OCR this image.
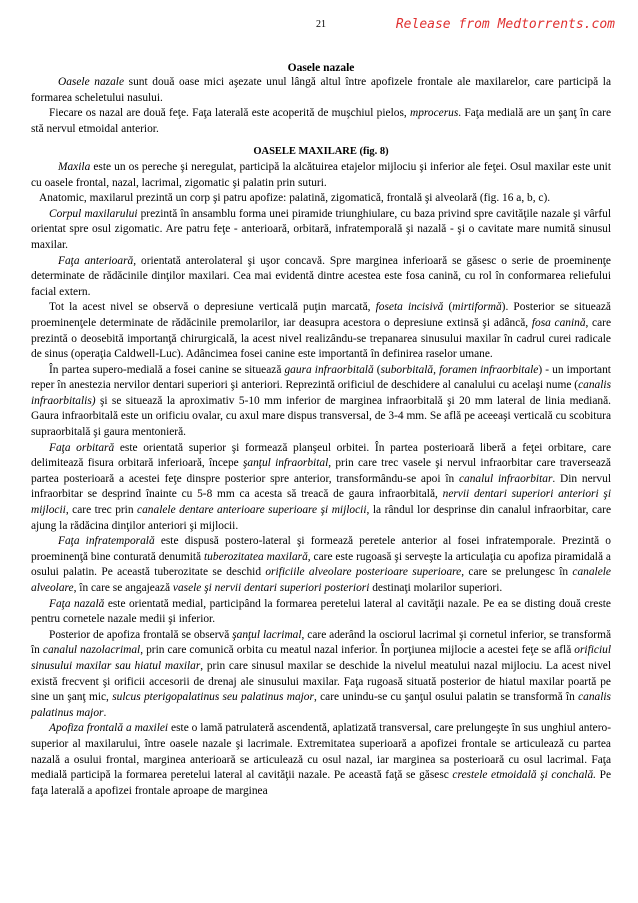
21	Release from Medtorrents.com
Oasele nazale

Oasele nazale sunt două oase mici aşezate unul lângă altul între apofizele frontale ale maxilarelor, care participă la formarea scheletului nasului.

Fiecare os nazal are două feţe. Faţa laterală este acoperită de muşchiul pielos, mprocerus. Faţa medială are un şanţ în care stă nervul etmoidal anterior.

OASELE MAXILARE (fig. 8)

Maxila este un os pereche şi neregulat, participă la alcătuirea etajelor mijlociu şi inferior ale feţei. Osul maxilar este unit cu oasele frontal, nazal, lacrimal, zigomatic şi palatin prin suturi.

Anatomic, maxilarul prezintă un corp şi patru apofize: palatină, zigomatică, frontală şi alveolară (fig. 16 a, b, c).

Corpul maxilarului prezintă în ansamblu forma unei piramide triunghiulare, cu baza privind spre cavităţile nazale şi vârful orientat spre osul zigomatic. Are patru feţe - anterioară, orbitară, infratemporală şi nazală - şi o cavitate mare numită sinusul maxilar.

Faţa anterioară, orientată anterolateral şi uşor concavă. Spre marginea inferioară se găsesc o serie de proeminenţe determinate de rădăcinile dinţilor maxilari. Cea mai evidentă dintre acestea este fosa canină, cu rol în conformarea reliefului facial extern.

Tot la acest nivel se observă o depresiune verticală puţin marcată, foseta incisivă (mirtiformă). Posterior se situează proeminenţele determinate de rădăcinile premolarilor, iar deasupra acestora o depresiune extinsă şi adâncă, fosa canină, care prezintă o deosebită importanţă chirurgicală, la acest nivel realizându-se trepanarea sinusului maxilar în cadrul curei radicale de sinus (operaţia Caldwell-Luc). Adâncimea fosei canine este importantă în definirea raselor umane.

În partea supero-medială a fosei canine se situează gaura infraorbitală (suborbitală, foramen infraorbitale) - un important reper în anestezia nervilor dentari superiori şi anteriori. Reprezintă orificiul de deschidere al canalului cu acelaşi nume (canalis infraorbitalis) şi se situează la aproximativ 5-10 mm inferior de marginea infraorbitală şi 20 mm lateral de linia mediană. Gaura infraorbitală este un orificiu ovalar, cu axul mare dispus transversal, de 3-4 mm. Se află pe aceeaşi verticală cu scobitura supraorbitală şi gaura mentonieră.

Faţa orbitară este orientată superior şi formează planşeul orbitei. În partea posterioară liberă a feţei orbitare, care delimitează fisura orbitară inferioară, începe şanţul infraorbital, prin care trec vasele şi nervul infraorbitar care traversează partea posterioară a acestei feţe dinspre posterior spre anterior, transformându-se apoi în canalul infraorbitar. Din nervul infraorbitar se desprind înainte cu 5-8 mm ca acesta să treacă de gaura infraorbitală, nervii dentari superiori anteriori şi mijlocii, care trec prin canalele dentare anterioare superioare şi mijlocii, la rândul lor desprinse din canalul infraorbitar, care ajung la rădăcina dinţilor anteriori şi mijlocii.

Faţa infratemporală este dispusă postero-lateral şi formează peretele anterior al fosei infratemporale. Prezintă o proeminenţă bine conturată denumită tuberozitatea maxilară, care este rugoasă şi serveşte la articulaţia cu apofiza piramidală a osului palatin. Pe această tuberozitate se deschid orificiile alveolare posterioare superioare, care se prelungesc în canalele alveolare, în care se angajează vasele şi nervii dentari superiori posteriori destinaţi molarilor superiori.

Faţa nazală este orientată medial, participând la formarea peretelui lateral al cavităţii nazale. Pe ea se disting două creste pentru cornetele nazale medii şi inferior.

Posterior de apofiza frontală se observă şanţul lacrimal, care aderând la osciorul lacrimal şi cornetul inferior, se transformă în canalul nazolacrimal, prin care comunică orbita cu meatul nazal inferior. În porţiunea mijlocie a acestei feţe se află orificiul sinusului maxilar sau hiatul maxilar, prin care sinusul maxilar se deschide la nivelul meatului nazal mijlociu. La acest nivel există frecvent şi orificii accesorii de drenaj ale sinusului maxilar. Faţa rugoasă situată posterior de hiatul maxilar poartă pe sine un şanţ mic, sulcus pterigopalatinus seu palatinus major, care unindu-se cu şanţul osului palatin se transformă în canalis palatinus major.

Apofiza frontală a maxilei este o lamă patrulateră ascendentă, aplatizată transversal, care prelungeşte în sus unghiul antero-superior al maxilarului, între oasele nazale şi lacrimale. Extremitatea superioară a apofizei frontale se articulează cu partea nazală a osului frontal, marginea anterioară se articulează cu osul nazal, iar marginea sa posterioară cu osul lacrimal. Faţa medială participă la formarea peretelui lateral al cavităţii nazale. Pe această faţă se găsesc crestele etmoidală şi conchală. Pe faţa laterală a apofizei frontale aproape de marginea
